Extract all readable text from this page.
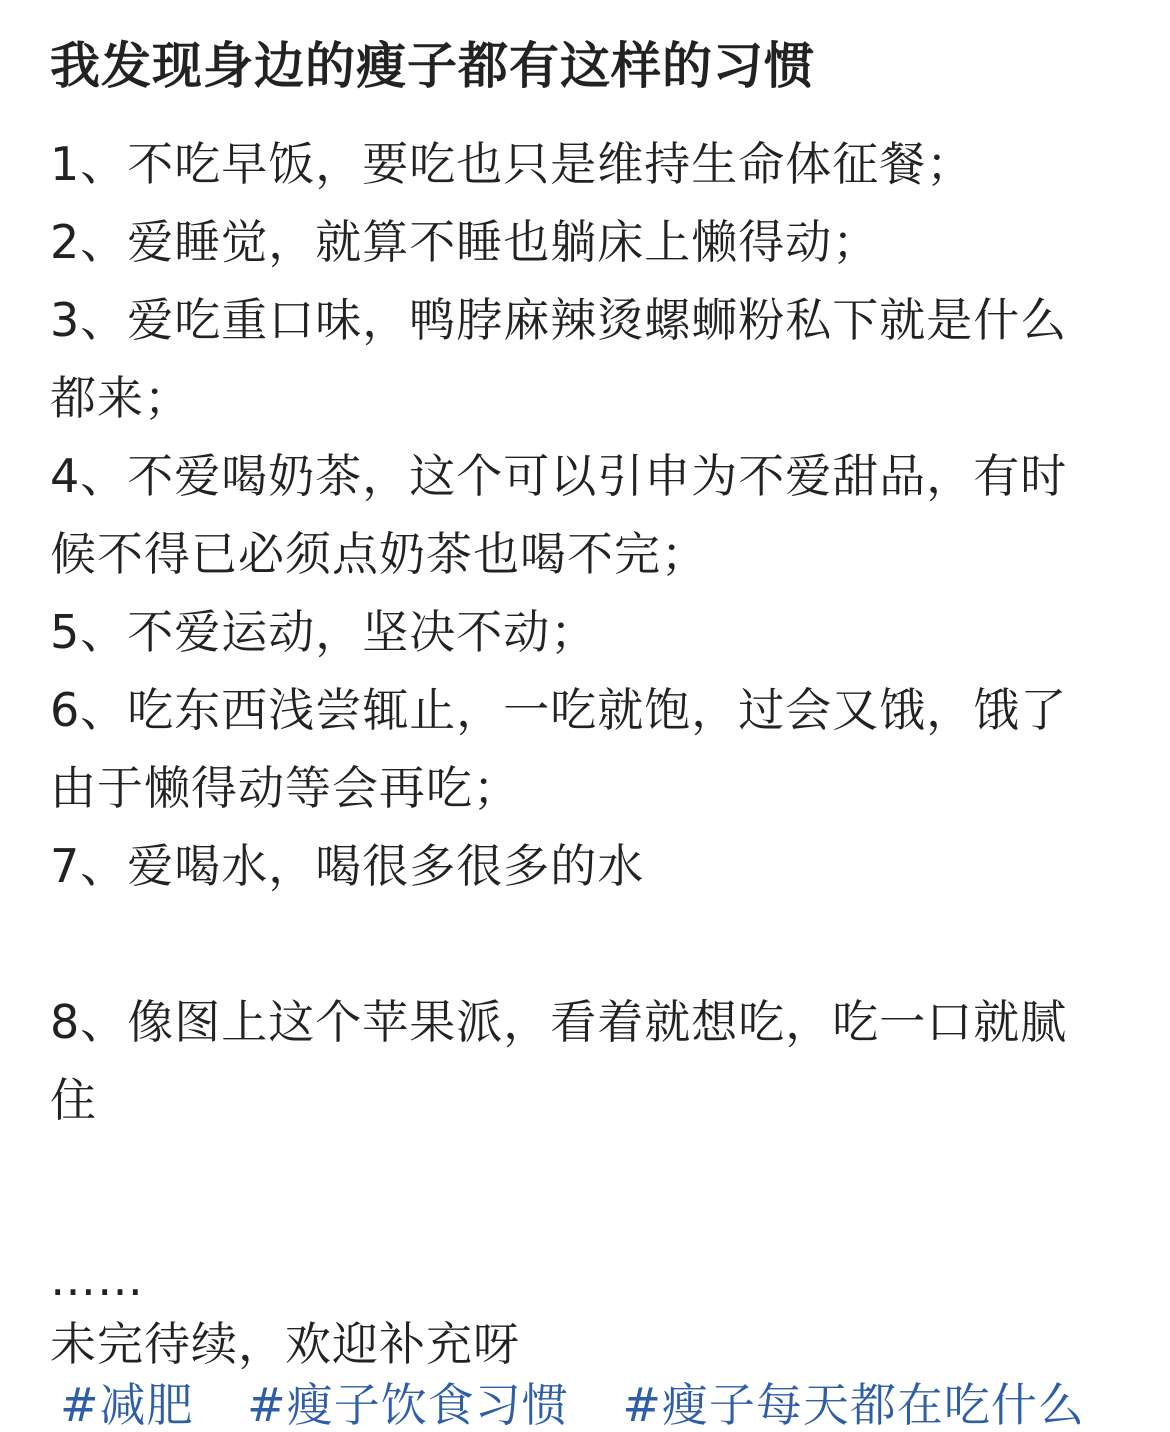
我发现身边的瘦子都有这样的习惯

1、不吃早饭，要吃也只是维持生命体征餐；

2、爱睡觉，就算不睡也躺床上懒得动；

3、爱吃重口味，鸭脖麻辣烫螺蛳粉私下就是什么都来；

4、不爱喝奶茶，这个可以引申为不爱甜品，有时候不得已必须点奶茶也喝不完；

5、不爱运动，坚决不动；

6、吃东西浅尝辄止，一吃就饱，过会又饿，饿了由于懒得动等会再吃；

7、爱喝水，喝很多很多的水

8、像图上这个苹果派，看着就想吃，吃一口就腻住

……

未完待续，欢迎补充呀

#减肥 #瘦子饮食习惯 #瘦子每天都在吃什么
